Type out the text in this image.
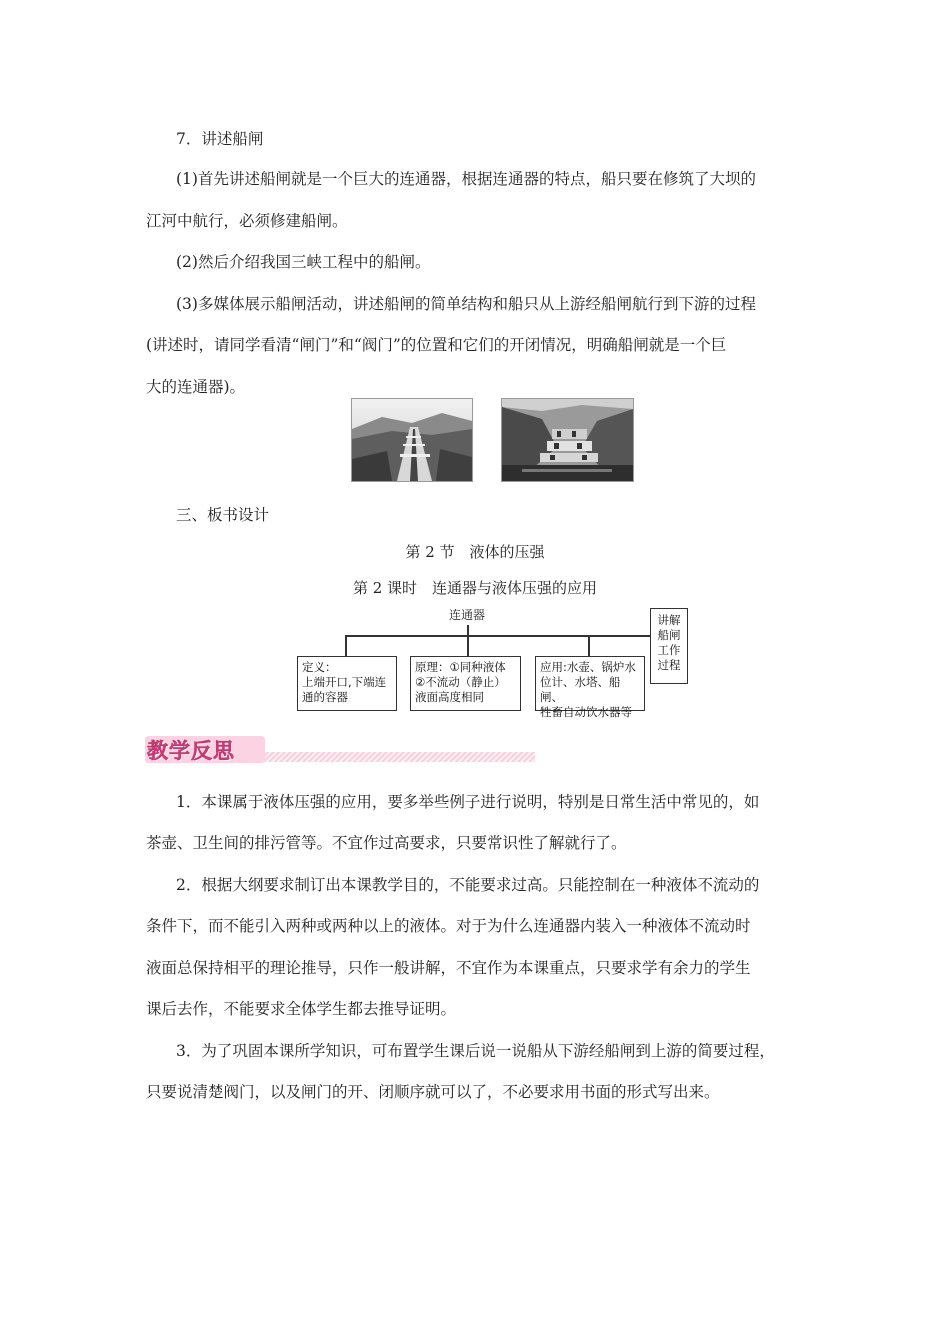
7．讲述船闸
(1)首先讲述船闸就是一个巨大的连通器，根据连通器的特点，船只要在修筑了大坝的
江河中航行，必须修建船闸。
(2)然后介绍我国三峡工程中的船闸。
(3)多媒体展示船闸活动，讲述船闸的简单结构和船只从上游经船闸航行到下游的过程
(讲述时，请同学看清“闸门”和“阀门”的位置和它们的开闭情况，明确船闸就是一个巨
大的连通器)。
三、板书设计
第 2 节　液体的压强
第 2 课时　连通器与液体压强的应用
连通器
定义：
上端开口,下端连
通的容器
原理：①同种液体
②不流动（静止）
液面高度相同
应用:水壶、锅炉水
位计、水塔、船闸、
牲畜自动饮水器等
讲解船闸工作过程
教学反思
1．本课属于液体压强的应用，要多举些例子进行说明，特别是日常生活中常见的，如
茶壶、卫生间的排污管等。不宜作过高要求，只要常识性了解就行了。
2．根据大纲要求制订出本课教学目的，不能要求过高。只能控制在一种液体不流动的
条件下，而不能引入两种或两种以上的液体。对于为什么连通器内装入一种液体不流动时
液面总保持相平的理论推导，只作一般讲解，不宜作为本课重点，只要求学有余力的学生
课后去作，不能要求全体学生都去推导证明。
3．为了巩固本课所学知识，可布置学生课后说一说船从下游经船闸到上游的简要过程，
只要说清楚阀门，以及闸门的开、闭顺序就可以了，不必要求用书面的形式写出来。
